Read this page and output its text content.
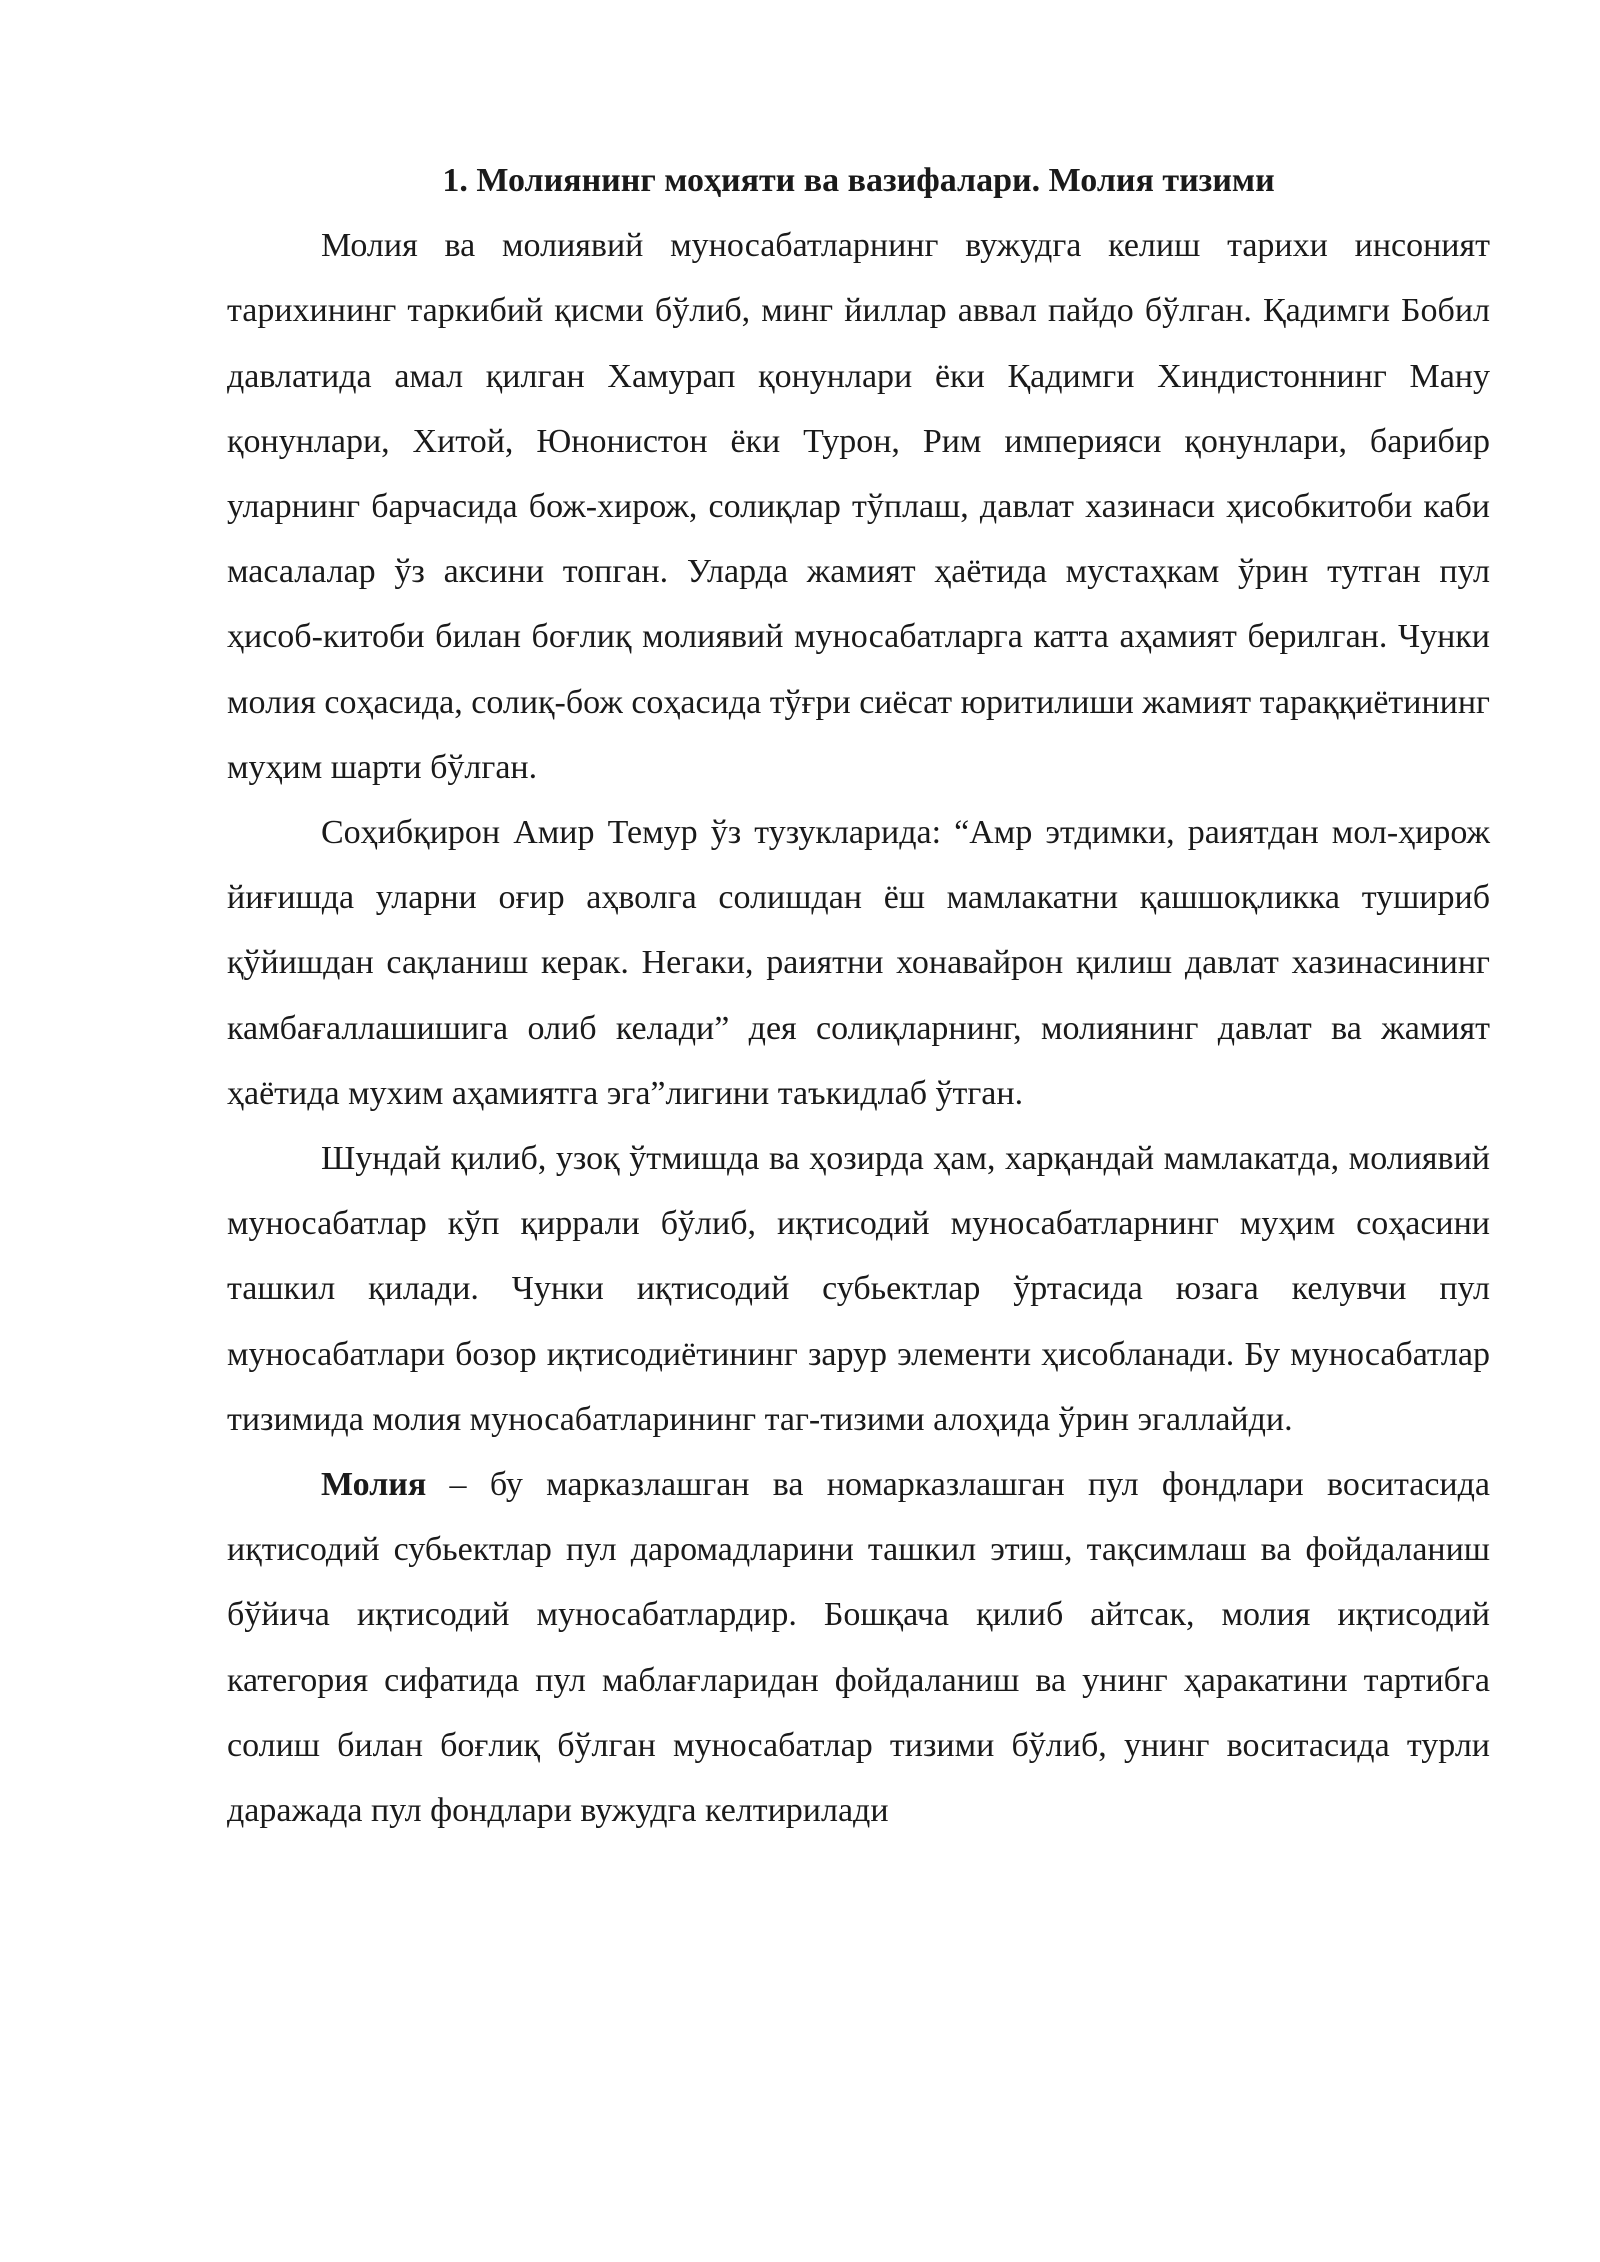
1. Молиянинг моҳияти ва вазифалари. Молия тизими

Молия ва молиявий муносабатларнинг вужудга келиш тарихи инсоният тарихининг таркибий қисми бўлиб, минг йиллар аввал пайдо бўлган. Қадимги Бобил давлатида амал қилган Хамурап қонунлари ёки Қадимги Хиндистоннинг Ману қонунлари, Хитой, Юнонистон ёки Турон, Рим империяси қонунлари, барибир уларнинг барчасида бож-хирож, солиқлар тўплаш, давлат хазинаси ҳисобкитоби каби масалалар ўз аксини топган. Уларда жамият ҳаётида мустаҳкам ўрин тутган пул ҳисоб-китоби билан боғлиқ молиявий муносабатларга катта аҳамият берилган. Чунки молия соҳасида, солиқ-бож соҳасида тўғри сиёсат юритилиши жамият тараққиётининг муҳим шарти бўлган.

Соҳибқирон Амир Темур ўз тузукларида: “Амр этдимки, раиятдан мол-ҳирож йиғишда уларни оғир аҳволга солишдан ёш мамлакатни қашшоқликка тушириб қўйишдан сақланиш керак. Негаки, раиятни хонавайрон қилиш давлат хазинасининг камбағаллашишига олиб келади” дея солиқларнинг, молиянинг давлат ва жамият ҳаётида мухим аҳамиятга эга”лигини таъкидлаб ўтган.

Шундай қилиб, узоқ ўтмишда ва ҳозирда ҳам, харқандай мамлакатда, молиявий муносабатлар кўп қиррали бўлиб, иқтисодий муносабатларнинг муҳим соҳасини ташкил қилади. Чунки иқтисодий субьектлар ўртасида юзага келувчи пул муносабатлари бозор иқтисодиётининг зарур элементи ҳисобланади. Бу муносабатлар тизимида молия муносабатларининг таг-тизими алоҳида ўрин эгаллайди.

Молия – бу марказлашган ва номарказлашган пул фондлари воситасида иқтисодий субьектлар пул даромадларини ташкил этиш, тақсимлаш ва фойдаланиш бўйича иқтисодий муносабатлардир. Бошқача қилиб айтсак, молия иқтисодий категория сифатида пул маблағларидан фойдаланиш ва унинг ҳаракатини тартибга солиш билан боғлиқ бўлган муносабатлар тизими бўлиб, унинг воситасида турли даражада пул фондлари вужудга келтирилади
